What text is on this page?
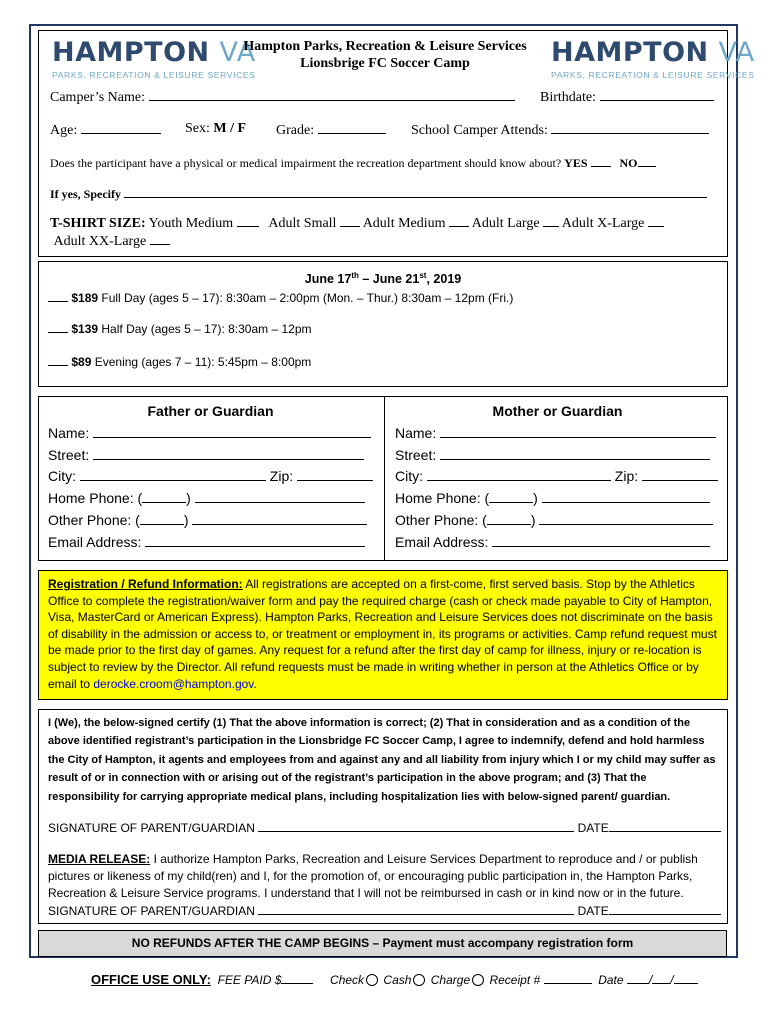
HAMPTON VA
PARKS, RECREATION & LEISURE SERVICES
HAMPTON VA
PARKS, RECREATION & LEISURE SERVICES
Hampton Parks, Recreation & Leisure Services
Lionsbrige FC Soccer Camp
Camper’s Name:	Birthdate:
Age:	Sex: M / F Grade:	School Camper Attends:
Does the participant have a physical or medical impairment the recreation department should know about? YES	NO
If yes, Specify
T-SHIRT SIZE: Youth Medium	Adult Small Adult Medium Adult Large Adult X-Large
Adult XX-Large
June 17th – June 21st, 2019
$189 Full Day (ages 5 – 17): 8:30am – 2:00pm (Mon. – Thur.) 8:30am – 12pm (Fri.)
$139 Half Day (ages 5 – 17): 8:30am – 12pm
$89 Evening (ages 7 – 11): 5:45pm – 8:00pm
Father or Guardian
Name:
Street:
City:	Zip:
Home Phone: (	)
Other Phone: (	)
Email Address:
Mother or Guardian
Name:
Street:
City:	Zip:
Home Phone: (	)
Other Phone: (	)
Email Address:
Registration / Refund Information: All registrations are accepted on a first-come, first served basis. Stop by the Athletics Office to complete the registration/waiver form and pay the required charge (cash or check made payable to City of Hampton, Visa, MasterCard or American Express). Hampton Parks, Recreation and Leisure Services does not discriminate on the basis of disability in the admission or access to, or treatment or employment in, its programs or activities. Camp refund request must be made prior to the first day of games. Any request for a refund after the first day of camp for illness, injury or re-location is subject to review by the Director. All refund requests must be made in writing whether in person at the Athletics Office or by email to derocke.croom@hampton.gov.
I (We), the below-signed certify (1) That the above information is correct; (2) That in consideration and as a condition of the above identified registrant’s participation in the Lionsbridge FC Soccer Camp, I agree to indemnify, defend and hold harmless the City of Hampton, it agents and employees from and against any and all liability from injury which I or my child may suffer as result of or in connection with or arising out of the registrant’s participation in the above program; and (3) That the responsibility for carrying appropriate medical plans, including hospitalization lies with below-signed parent/ guardian.
SIGNATURE OF PARENT/GUARDIAN	DATE
MEDIA RELEASE: I authorize Hampton Parks, Recreation and Leisure Services Department to reproduce and / or publish pictures or likeness of my child(ren) and I, for the promotion of, or encouraging public participation in, the Hampton Parks, Recreation & Leisure Service programs. I understand that I will not be reimbursed in cash or in kind now or in the future.
SIGNATURE OF PARENT/GUARDIAN	DATE
NO REFUNDS AFTER THE CAMP BEGINS – Payment must accompany registration form
OFFICE USE ONLY: FEE PAID $	Check Cash Charge Receipt #	Date / /
